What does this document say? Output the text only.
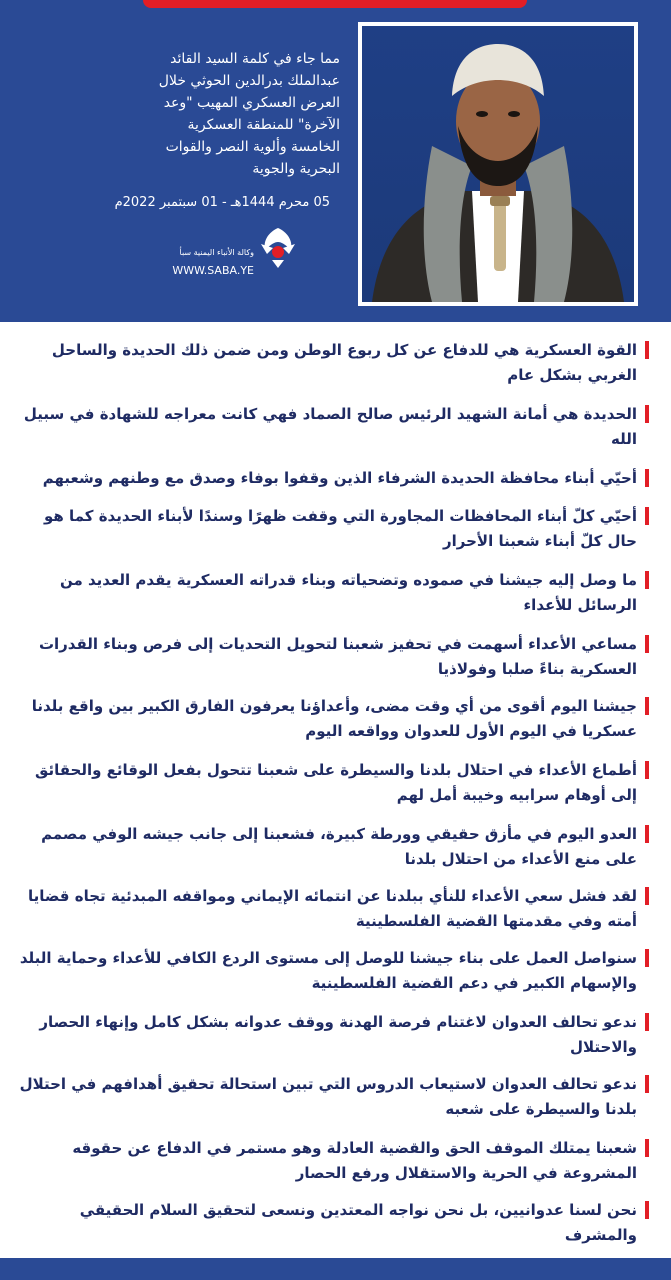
مما جاء في كلمة السيد القائد عبدالملك بدرالدين الحوثي خلال العرض العسكري المهيب "وعد الآخرة" للمنطقة العسكرية الخامسة وألوية النصر والقوات البحرية والجوية
05 محرم 1444هـ - 01 سبتمبر 2022م
وكالة الأنباء اليمنية سبأ
WWW.SABA.YE
القوة العسكرية هي للدفاع عن كل ربوع الوطن ومن ضمن ذلك الحديدة والساحل الغربي بشكل عام
الحديدة هي أمانة الشهيد الرئيس صالح الصماد فهي كانت معراجه للشهادة في سبيل الله
أحيّي أبناء محافظة الحديدة الشرفاء الذين وقفوا بوفاء وصدق مع وطنهم وشعبهم
أحيّي كلّ أبناء المحافظات المجاورة التي وقفت ظهرًا وسندًا لأبناء الحديدة كما هو حال كلّ أبناء شعبنا الأحرار
ما وصل إليه جيشنا في صموده وتضحياته وبناء قدراته العسكرية يقدم العديد من الرسائل للأعداء
مساعي الأعداء أسهمت في تحفيز شعبنا لتحويل التحديات إلى فرص وبناء القدرات العسكرية بناءً صلبا وفولاذيا
جيشنا اليوم أقوى من أي وقت مضى، وأعداؤنا يعرفون الفارق الكبير بين واقع بلدنا عسكريا في اليوم الأول للعدوان وواقعه اليوم
أطماع الأعداء في احتلال بلدنا والسيطرة على شعبنا تتحول بفعل الوقائع والحقائق إلى أوهام سرابيه وخيبة أمل لهم
العدو اليوم في مأزق حقيقي وورطة كبيرة، فشعبنا إلى جانب جيشه الوفي مصمم على منع الأعداء من احتلال بلدنا
لقد فشل سعي الأعداء للنأي ببلدنا عن انتمائه الإيماني ومواقفه المبدئية تجاه قضايا أمته وفي مقدمتها القضية الفلسطينية
سنواصل العمل على بناء جيشنا للوصل إلى مستوى الردع الكافي للأعداء وحماية البلد والإسهام الكبير في دعم القضية الفلسطينية
ندعو تحالف العدوان لاغتنام فرصة الهدنة ووقف عدوانه بشكل كامل وإنهاء الحصار والاحتلال
ندعو تحالف العدوان لاستيعاب الدروس التي تبين استحالة تحقيق أهدافهم في احتلال بلدنا والسيطرة على شعبه
شعبنا يمتلك الموقف الحق والقضية العادلة وهو مستمر في الدفاع عن حقوقه المشروعة في الحرية والاستقلال ورفع الحصار
نحن لسنا عدوانيين، بل نحن نواجه المعتدين ونسعى لتحقيق السلام الحقيقي والمشرف
